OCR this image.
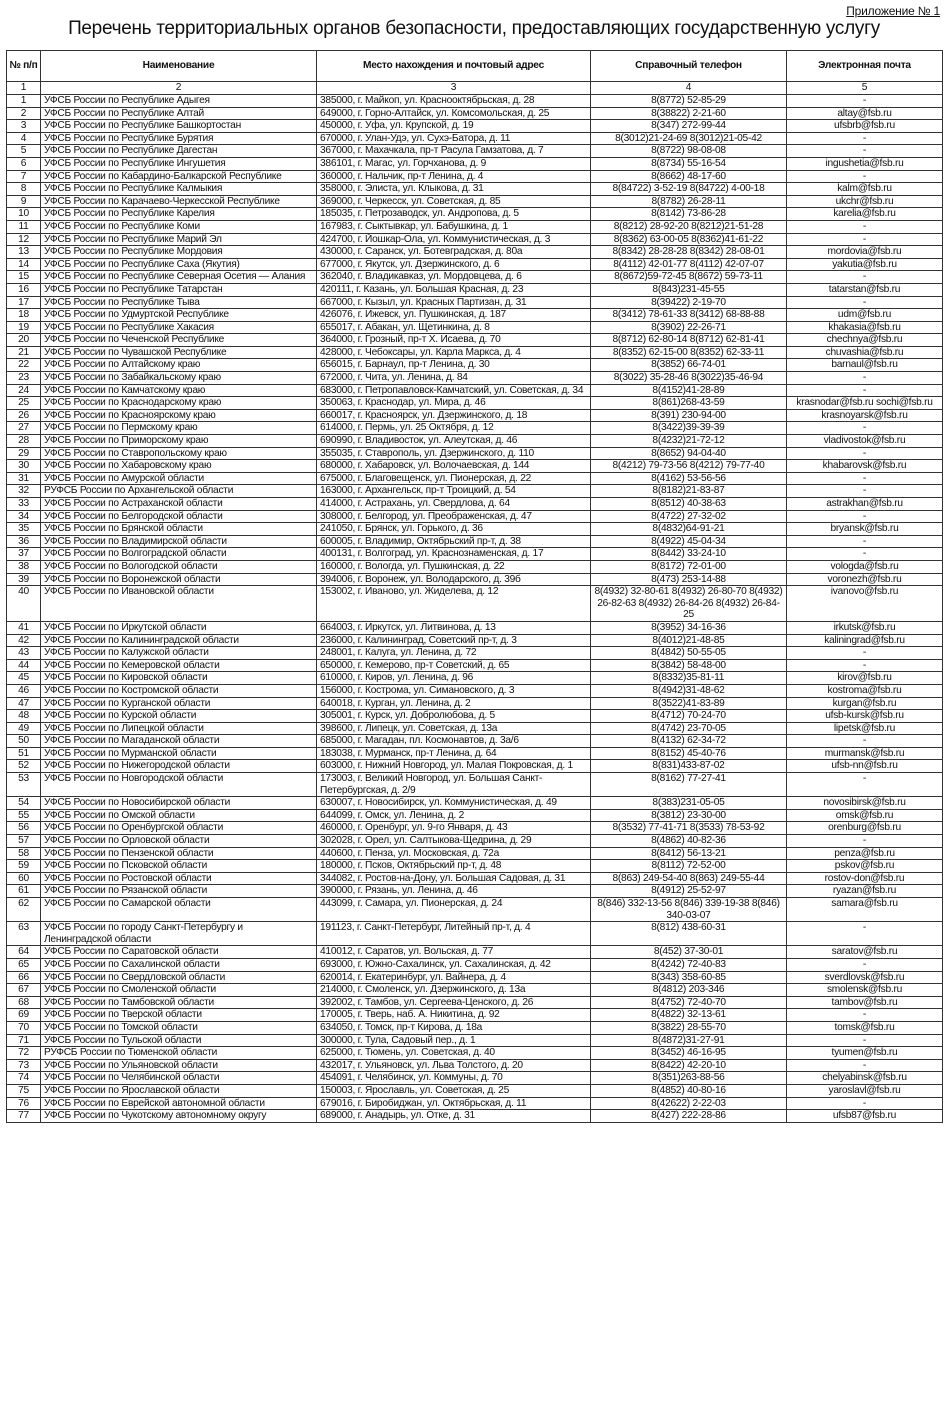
Приложение № 1
Перечень территориальных органов безопасности, предоставляющих государственную услугу
№ п/п	Наименование	Место нахождения и почтовый адрес	Справочный телефон	Электронная почта
1	2	3	4	5
1	УФСБ России по Республике Адыгея	385000, г. Майкоп, ул. Краснооктябрьская, д. 28	8(8772) 52-85-29	-
2	УФСБ России по Республике Алтай	649000, г. Горно-Алтайск, ул. Комсомольская, д. 25	8(38822) 2-21-60	altay@fsb.ru
3	УФСБ России по Республике Башкортостан	450000, г. Уфа, ул. Крупской, д. 19	8(347) 272-99-44	ufsbrb@fsb.ru
4	УФСБ России по Республике Бурятия	670000, г. Улан-Удэ, ул. Сухэ-Батора, д. 11	8(3012)21-24-69 8(3012)21-05-42	-
5	УФСБ России по Республике Дагестан	367000, г. Махачкала, пр-т Расула Гамзатова, д. 7	8(8722) 98-08-08	-
6	УФСБ России по Республике Ингушетия	386101, г. Магас, ул. Горчханова, д. 9	8(8734) 55-16-54	ingushetia@fsb.ru
7	УФСБ России по Кабардино-Балкарской Республике	360000, г. Нальчик, пр-т Ленина, д. 4	8(8662) 48-17-60	-
8	УФСБ России по Республике Калмыкия	358000, г. Элиста, ул. Клыкова, д. 31	8(84722) 3-52-19 8(84722) 4-00-18	kalm@fsb.ru
9	УФСБ России по Карачаево-Черкесской Республике	369000, г. Черкесск, ул. Советская, д. 85	8(8782) 26-28-11	ukchr@fsb.ru
10	УФСБ России по Республике Карелия	185035, г. Петрозаводск, ул. Андропова, д. 5	8(8142) 73-86-28	karelia@fsb.ru
11	УФСБ России по Республике Коми	167983, г. Сыктывкар, ул. Бабушкина, д. 1	8(8212) 28-92-20 8(8212)21-51-28	-
12	УФСБ России по Республике Марий Эл	424700, г. Йошкар-Ола, ул. Коммунистическая, д. 3	8(8362) 63-00-05 8(8362)41-61-22	-
13	УФСБ России по Республике Мордовия	430000, г. Саранск, ул. Ботевградская, д. 80а	8(8342) 28-28-28 8(8342) 28-08-01	mordovia@fsb.ru
14	УФСБ России по Республике Саха (Якутия)	677000, г. Якутск, ул. Дзержинского, д. 6	8(4112) 42-01-77 8(4112) 42-07-07	yakutia@fsb.ru
15	УФСБ России по Республике Северная Осетия — Алания	362040, г. Владикавказ, ул. Мордовцева, д. 6	8(8672)59-72-45 8(8672) 59-73-11	-
16	УФСБ России по Республике Татарстан	420111, г. Казань, ул. Большая Красная, д. 23	8(843)231-45-55	tatarstan@fsb.ru
17	УФСБ России по Республике Тыва	667000, г. Кызыл, ул. Красных Партизан, д. 31	8(39422) 2-19-70	-
18	УФСБ России по Удмуртской Республике	426076, г. Ижевск, ул. Пушкинская, д. 187	8(3412) 78-61-33 8(3412) 68-88-88	udm@fsb.ru
19	УФСБ России по Республике Хакасия	655017, г. Абакан, ул. Щетинкина, д. 8	8(3902) 22-26-71	khakasia@fsb.ru
20	УФСБ России по Чеченской Республике	364000, г. Грозный, пр-т Х. Исаева, д. 70	8(8712) 62-80-14 8(8712) 62-81-41	chechnya@fsb.ru
21	УФСБ России по Чувашской Республике	428000, г. Чебоксары, ул. Карла Маркса, д. 4	8(8352) 62-15-00 8(8352) 62-33-11	chuvashia@fsb.ru
22	УФСБ России по Алтайскому краю	656015, г. Барнаул, пр-т Ленина, д. 30	8(3852) 66-74-01	barnaul@fsb.ru
23	УФСБ России по Забайкальскому краю	672000, г. Чита, ул. Ленина, д. 84	8(3022) 35-28-46 8(3022)35-46-94	-
24	УФСБ России по Камчатскому краю	683000, г. Петропавловск-Камчатский, ул. Советская, д. 34	8(4152)41-28-89	-
25	УФСБ России по Краснодарскому краю	350063, г. Краснодар, ул. Мира, д. 46	8(861)268-43-59	krasnodar@fsb.ru sochi@fsb.ru
26	УФСБ России по Красноярскому краю	660017, г. Красноярск, ул. Дзержинского, д. 18	8(391) 230-94-00	krasnoyarsk@fsb.ru
27	УФСБ России по Пермскому краю	614000, г. Пермь, ул. 25 Октября, д. 12	8(3422)39-39-39	-
28	УФСБ России по Приморскому краю	690990, г. Владивосток, ул. Алеутская, д. 46	8(4232)21-72-12	vladivostok@fsb.ru
29	УФСБ России по Ставропольскому краю	355035, г. Ставрополь, ул. Дзержинского, д. 110	8(8652) 94-04-40	-
30	УФСБ России по Хабаровскому краю	680000, г. Хабаровск, ул. Волочаевская, д. 144	8(4212) 79-73-56 8(4212) 79-77-40	khabarovsk@fsb.ru
31	УФСБ России по Амурской области	675000, г. Благовещенск, ул. Пионерская, д. 22	8(4162) 53-56-56	-
32	РУФСБ России по Архангельской области	163000, г. Архангельск, пр-т Троицкий, д. 54	8(8182)21-83-87	-
33	УФСБ России по Астраханской области	414000, г. Астрахань, ул. Свердлова, д. 64	8(8512) 40-38-63	astrakhan@fsb.ru
34	УФСБ России по Белгородской области	308000, г. Белгород, ул. Преображенская, д. 47	8(4722) 27-32-02	-
35	УФСБ России по Брянской области	241050, г. Брянск, ул. Горького, д. 36	8(4832)64-91-21	bryansk@fsb.ru
36	УФСБ России по Владимирской области	600005, г. Владимир, Октябрьский пр-т, д. 38	8(4922) 45-04-34	-
37	УФСБ России по Волгоградской области	400131, г. Волгоград, ул. Краснознаменская, д. 17	8(8442) 33-24-10	-
38	УФСБ России по Вологодской области	160000, г. Вологда, ул. Пушкинская, д. 22	8(8172) 72-01-00	vologda@fsb.ru
39	УФСБ России по Воронежской области	394006, г. Воронеж, ул. Володарского, д. 39б	8(473) 253-14-88	voronezh@fsb.ru
40	УФСБ России по Ивановской области	153002, г. Иваново, ул. Жиделева, д. 12	8(4932) 32-80-61 8(4932) 26-80-70 8(4932) 26-82-63 8(4932) 26-84-26 8(4932) 26-84-25	ivanovo@fsb.ru
41	УФСБ России по Иркутской области	664003, г. Иркутск, ул. Литвинова, д. 13	8(3952) 34-16-36	irkutsk@fsb.ru
42	УФСБ России по Калининградской области	236000, г. Калининград, Советский пр-т, д. 3	8(4012)21-48-85	kaliningrad@fsb.ru
43	УФСБ России по Калужской области	248001, г. Калуга, ул. Ленина, д. 72	8(4842) 50-55-05	-
44	УФСБ России по Кемеровской области	650000, г. Кемерово, пр-т Советский, д. 65	8(3842) 58-48-00	-
45	УФСБ России по Кировской области	610000, г. Киров, ул. Ленина, д. 96	8(8332)35-81-11	kirov@fsb.ru
46	УФСБ России по Костромской области	156000, г. Кострома, ул. Симановского, д. 3	8(4942)31-48-62	kostroma@fsb.ru
47	УФСБ России по Курганской области	640018, г. Курган, ул. Ленина, д. 2	8(3522)41-83-89	kurgan@fsb.ru
48	УФСБ России по Курской области	305001, г. Курск, ул. Добролюбова, д. 5	8(4712) 70-24-70	ufsb-kursk@fsb.ru
49	УФСБ России по Липецкой области	398600, г. Липецк, ул. Советская, д. 13а	8(4742) 23-70-05	lipetsk@fsb.ru
50	УФСБ России по Магаданской области	685000, г. Магадан, пл. Космонавтов, д. 3а/6	8(4132) 62-34-72	-
51	УФСБ России по Мурманской области	183038, г. Мурманск, пр-т Ленина, д. 64	8(8152) 45-40-76	murmansk@fsb.ru
52	УФСБ России по Нижегородской области	603000, г. Нижний Новгород, ул. Малая Покровская, д. 1	8(831)433-87-02	ufsb-nn@fsb.ru
53	УФСБ России по Новгородской области	173003, г. Великий Новгород, ул. Большая Санкт-Петербургская, д. 2/9	8(8162) 77-27-41	-
54	УФСБ России по Новосибирской области	630007, г. Новосибирск, ул. Коммунистическая, д. 49	8(383)231-05-05	novosibirsk@fsb.ru
55	УФСБ России по Омской области	644099, г. Омск, ул. Ленина, д. 2	8(3812) 23-30-00	omsk@fsb.ru
56	УФСБ России по Оренбургской области	460000, г. Оренбург, ул. 9-го Января, д. 43	8(3532) 77-41-71 8(3533) 78-53-92	orenburg@fsb.ru
57	УФСБ России по Орловской области	302028, г. Орел, ул. Салтыкова-Щедрина, д. 29	8(4862) 40-82-36	-
58	УФСБ России по Пензенской области	440600, г. Пенза, ул. Московская, д. 72а	8(8412) 56-13-21	penza@fsb.ru
59	УФСБ России по Псковской области	180000, г. Псков, Октябрьский пр-т, д. 48	8(8112) 72-52-00	pskov@fsb.ru
60	УФСБ России по Ростовской области	344082, г. Ростов-на-Дону, ул. Большая Садовая, д. 31	8(863) 249-54-40 8(863) 249-55-44	rostov-don@fsb.ru
61	УФСБ России по Рязанской области	390000, г. Рязань, ул. Ленина, д. 46	8(4912) 25-52-97	ryazan@fsb.ru
62	УФСБ России по Самарской области	443099, г. Самара, ул. Пионерская, д. 24	8(846) 332-13-56 8(846) 339-19-38 8(846) 340-03-07	samara@fsb.ru
63	УФСБ России по городу Санкт-Петербургу и Ленинградской области	191123, г. Санкт-Петербург, Литейный пр-т, д. 4	8(812) 438-60-31	-
64	УФСБ России по Саратовской области	410012, г. Саратов, ул. Вольская, д. 77	8(452) 37-30-01	saratov@fsb.ru
65	УФСБ России по Сахалинской области	693000, г. Южно-Сахалинск, ул. Сахалинская, д. 42	8(4242) 72-40-83	-
66	УФСБ России по Свердловской области	620014, г. Екатеринбург, ул. Вайнера, д. 4	8(343) 358-60-85	sverdlovsk@fsb.ru
67	УФСБ России по Смоленской области	214000, г. Смоленск, ул. Дзержинского, д. 13а	8(4812) 203-346	smolensk@fsb.ru
68	УФСБ России по Тамбовской области	392002, г. Тамбов, ул. Сергеева-Ценского, д. 26	8(4752) 72-40-70	tambov@fsb.ru
69	УФСБ России по Тверской области	170005, г. Тверь, наб. А. Никитина, д. 92	8(4822) 32-13-61	-
70	УФСБ России по Томской области	634050, г. Томск, пр-т Кирова, д. 18а	8(3822) 28-55-70	tomsk@fsb.ru
71	УФСБ России по Тульской области	300000, г. Тула, Садовый пер., д. 1	8(4872)31-27-91	-
72	РУФСБ России по Тюменской области	625000, г. Тюмень, ул. Советская, д. 40	8(3452) 46-16-95	tyumen@fsb.ru
73	УФСБ России по Ульяновской области	432017, г. Ульяновск, ул. Льва Толстого, д. 20	8(8422) 42-20-10	-
74	УФСБ России по Челябинской области	454091, г. Челябинск, ул. Коммуны, д. 70	8(351)263-88-56	chelyabinsk@fsb.ru
75	УФСБ России по Ярославской области	150003, г. Ярославль, ул. Советская, д. 25	8(4852) 40-80-16	yaroslavl@fsb.ru
76	УФСБ России по Еврейской автономной области	679016, г. Биробиджан, ул. Октябрьская, д. 11	8(42622) 2-22-03	-
77	УФСБ России по Чукотскому автономному округу	689000, г. Анадырь, ул. Отке, д. 31	8(427) 222-28-86	ufsb87@fsb.ru
